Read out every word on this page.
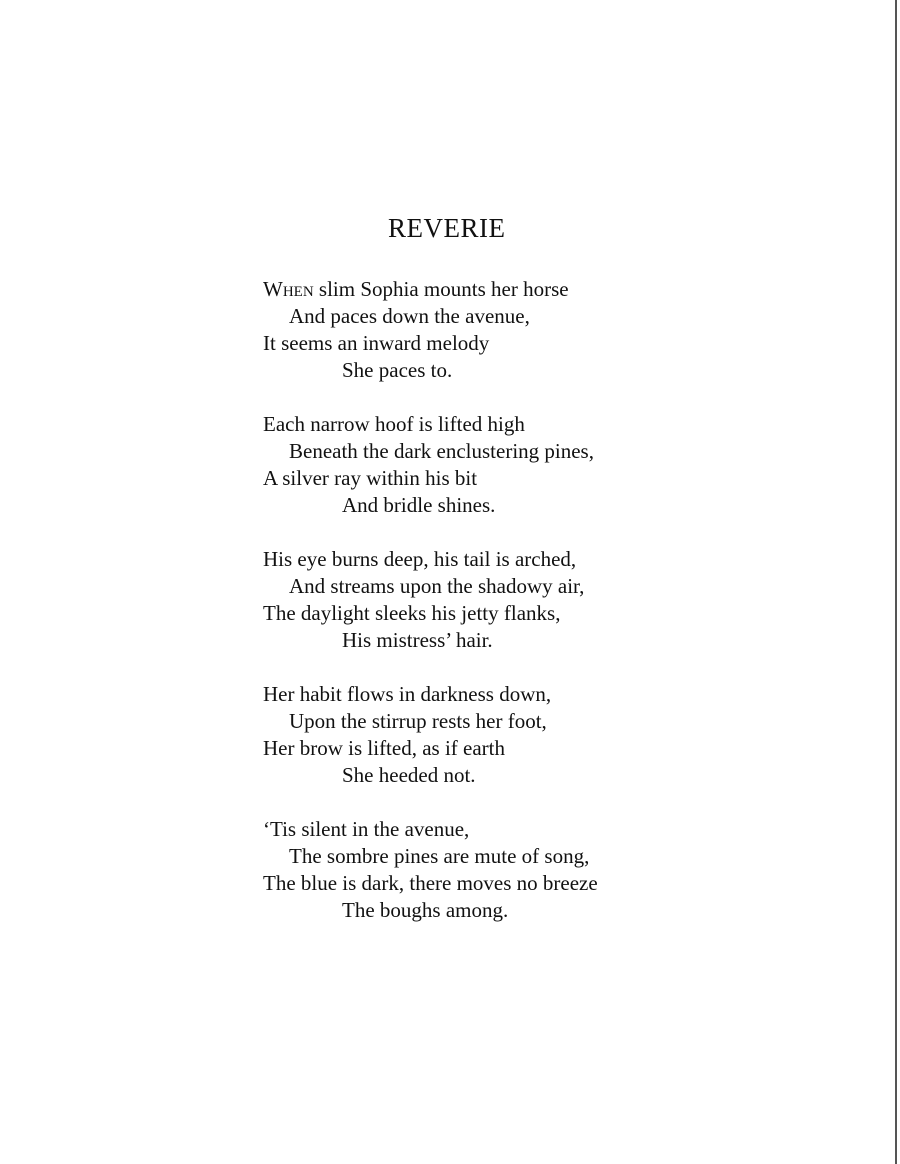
REVERIE
When slim Sophia mounts her horse
And paces down the avenue,
It seems an inward melody
She paces to.
Each narrow hoof is lifted high
Beneath the dark enclustering pines,
A silver ray within his bit
And bridle shines.
His eye burns deep, his tail is arched,
And streams upon the shadowy air,
The daylight sleeks his jetty flanks,
His mistress’ hair.
Her habit flows in darkness down,
Upon the stirrup rests her foot,
Her brow is lifted, as if earth
She heeded not.
‘Tis silent in the avenue,
The sombre pines are mute of song,
The blue is dark, there moves no breeze
The boughs among.
